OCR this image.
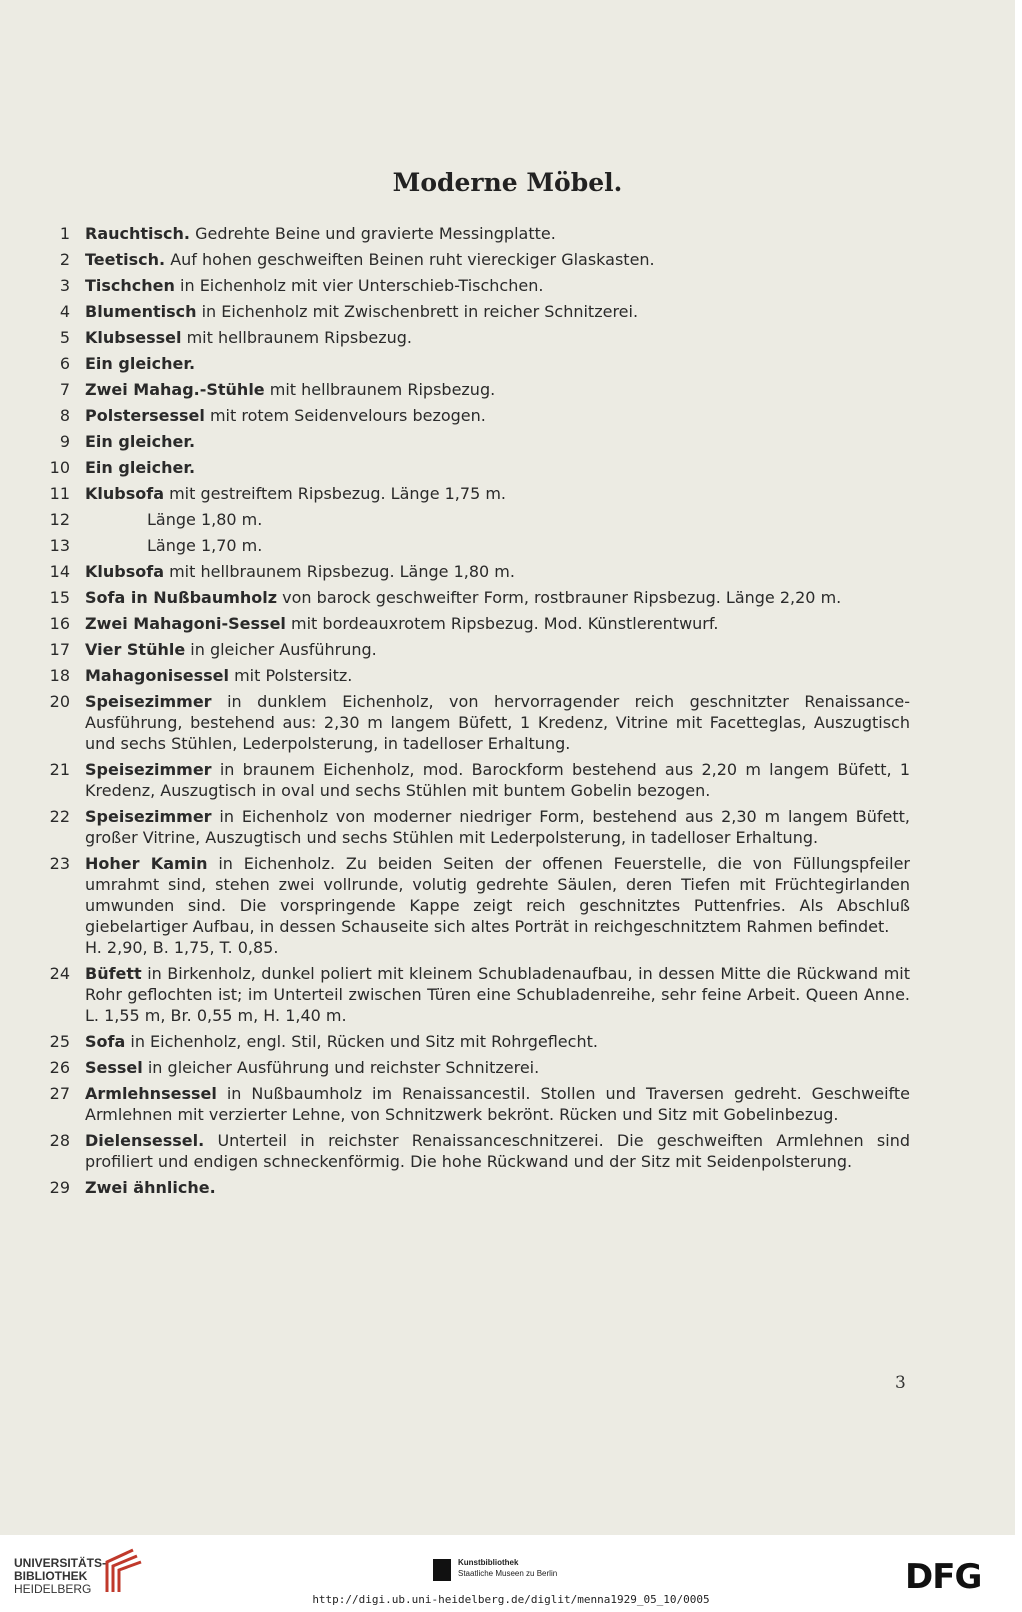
Moderne Möbel.
1 Rauchtisch. Gedrehte Beine und gravierte Messingplatte.
2 Teetisch. Auf hohen geschweiften Beinen ruht viereckiger Glaskasten.
3 Tischchen in Eichenholz mit vier Unterschieb-Tischchen.
4 Blumentisch in Eichenholz mit Zwischenbrett in reicher Schnitzerei.
5 Klubsessel mit hellbraunem Ripsbezug.
6 Ein gleicher.
7 Zwei Mahag.-Stühle mit hellbraunem Ripsbezug.
8 Polstersessel mit rotem Seidenvelours bezogen.
9 Ein gleicher.
10 Ein gleicher.
11 Klubsofa mit gestreiftem Ripsbezug. Länge 1,75 m.
12	Länge 1,80 m.
13	Länge 1,70 m.
14 Klubsofa mit hellbraunem Ripsbezug. Länge 1,80 m.
15 Sofa in Nußbaumholz von barock geschweifter Form, rostbrauner Ripsbezug. Länge 2,20 m.
16 Zwei Mahagoni-Sessel mit bordeauxrotem Ripsbezug. Mod. Künstlerentwurf.
17 Vier Stühle in gleicher Ausführung.
18 Mahagonisessel mit Polstersitz.
20 Speisezimmer in dunklem Eichenholz, von hervorragender reich geschnitzter Renaissance-Ausführung, bestehend aus: 2,30 m langem Büfett, 1 Kredenz, Vitrine mit Facetteglas, Auszugtisch und sechs Stühlen, Lederpolsterung, in tadelloser Erhaltung.
21 Speisezimmer in braunem Eichenholz, mod. Barockform bestehend aus 2,20 m langem Büfett, 1 Kredenz, Auszugtisch in oval und sechs Stühlen mit buntem Gobelin bezogen.
22 Speisezimmer in Eichenholz von moderner niedriger Form, bestehend aus 2,30 m langem Büfett, großer Vitrine, Auszugtisch und sechs Stühlen mit Lederpolsterung, in tadelloser Erhaltung.
23 Hoher Kamin in Eichenholz. Zu beiden Seiten der offenen Feuerstelle, die von Füllungspfeiler umrahmt sind, stehen zwei vollrunde, volutig gedrehte Säulen, deren Tiefen mit Früchtegirlanden umwunden sind. Die vorspringende Kappe zeigt reich geschnitztes Puttenfries. Als Abschluß giebelartiger Aufbau, in dessen Schauseite sich altes Porträt in reichgeschnitztem Rahmen befindet.
H. 2,90, B. 1,75, T. 0,85.
24 Büfett in Birkenholz, dunkel poliert mit kleinem Schubladenaufbau, in dessen Mitte die Rückwand mit Rohr geflochten ist; im Unterteil zwischen Türen eine Schubladenreihe, sehr feine Arbeit. Queen Anne. L. 1,55 m, Br. 0,55 m, H. 1,40 m.
25 Sofa in Eichenholz, engl. Stil, Rücken und Sitz mit Rohrgeflecht.
26 Sessel in gleicher Ausführung und reichster Schnitzerei.
27 Armlehnsessel in Nußbaumholz im Renaissancestil. Stollen und Traversen gedreht. Geschweifte Armlehnen mit verzierter Lehne, von Schnitzwerk bekrönt. Rücken und Sitz mit Gobelinbezug.
28 Dielensessel. Unterteil in reichster Renaissanceschnitzerei. Die geschweiften Armlehnen sind profiliert und endigen schneckenförmig. Die hohe Rückwand und der Sitz mit Seidenpolsterung.
29 Zwei ähnliche.
3
UNIVERSITÄTS-
BIBLIOTHEK
HEIDELBERG
Kunstbibliothek
Staatliche Museen zu Berlin	DFG
http://digi.ub.uni-heidelberg.de/diglit/menna1929_05_10/0005
